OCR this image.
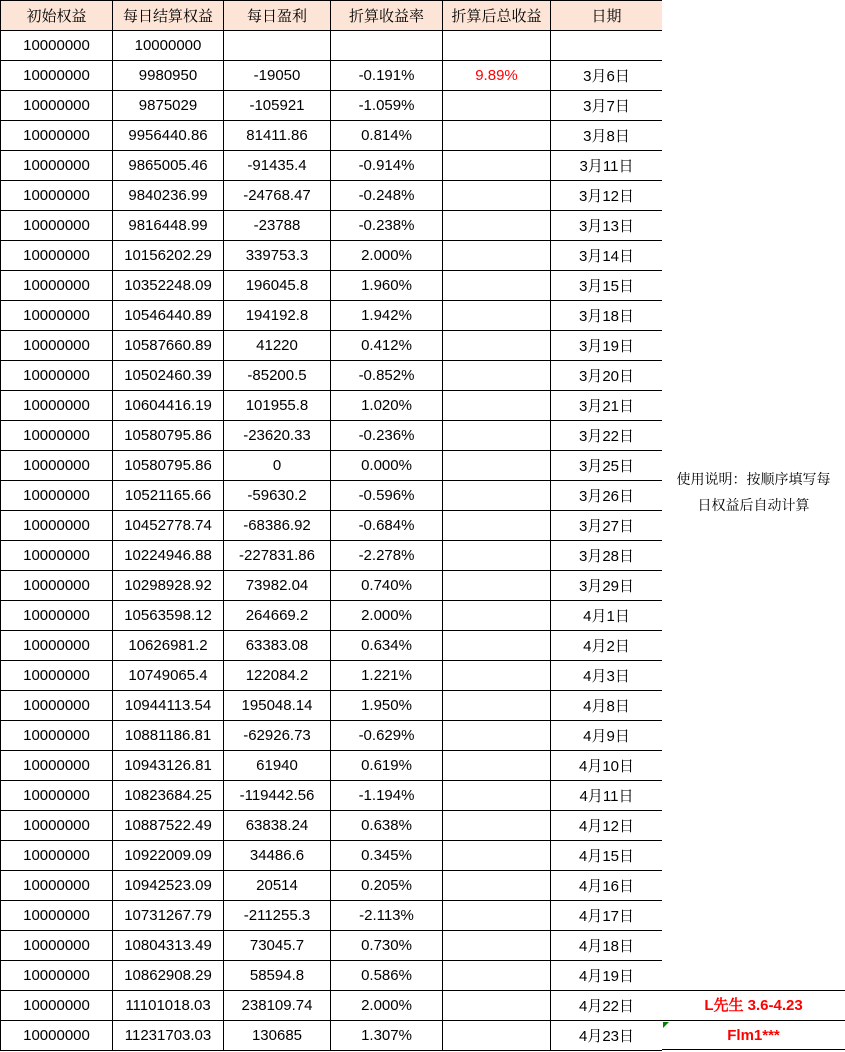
初始权益	每日结算权益	每日盈利	折算收益率	折算后总收益	日期
10000000	10000000				
10000000	9980950	-19050	-0.191%	9.89%	3月6日
10000000	9875029	-105921	-1.059%		3月7日
10000000	9956440.86	81411.86	0.814%		3月8日
10000000	9865005.46	-91435.4	-0.914%		3月11日
10000000	9840236.99	-24768.47	-0.248%		3月12日
10000000	9816448.99	-23788	-0.238%		3月13日
10000000	10156202.29	339753.3	2.000%		3月14日
10000000	10352248.09	196045.8	1.960%		3月15日
10000000	10546440.89	194192.8	1.942%		3月18日
10000000	10587660.89	41220	0.412%		3月19日
10000000	10502460.39	-85200.5	-0.852%		3月20日
10000000	10604416.19	101955.8	1.020%		3月21日
10000000	10580795.86	-23620.33	-0.236%		3月22日
10000000	10580795.86	0	0.000%		3月25日
10000000	10521165.66	-59630.2	-0.596%		3月26日
10000000	10452778.74	-68386.92	-0.684%		3月27日
10000000	10224946.88	-227831.86	-2.278%		3月28日
10000000	10298928.92	73982.04	0.740%		3月29日
10000000	10563598.12	264669.2	2.000%		4月1日
10000000	10626981.2	63383.08	0.634%		4月2日
10000000	10749065.4	122084.2	1.221%		4月3日
10000000	10944113.54	195048.14	1.950%		4月8日
10000000	10881186.81	-62926.73	-0.629%		4月9日
10000000	10943126.81	61940	0.619%		4月10日
10000000	10823684.25	-119442.56	-1.194%		4月11日
10000000	10887522.49	63838.24	0.638%		4月12日
10000000	10922009.09	34486.6	0.345%		4月15日
10000000	10942523.09	20514	0.205%		4月16日
10000000	10731267.79	-211255.3	-2.113%		4月17日
10000000	10804313.49	73045.7	0.730%		4月18日
10000000	10862908.29	58594.8	0.586%		4月19日
10000000	11101018.03	238109.74	2.000%		4月22日
10000000	11231703.03	130685	1.307%		4月23日
使用说明：按顺序填写每
日权益后自动计算
L先生 3.6-4.23
Flm1***
